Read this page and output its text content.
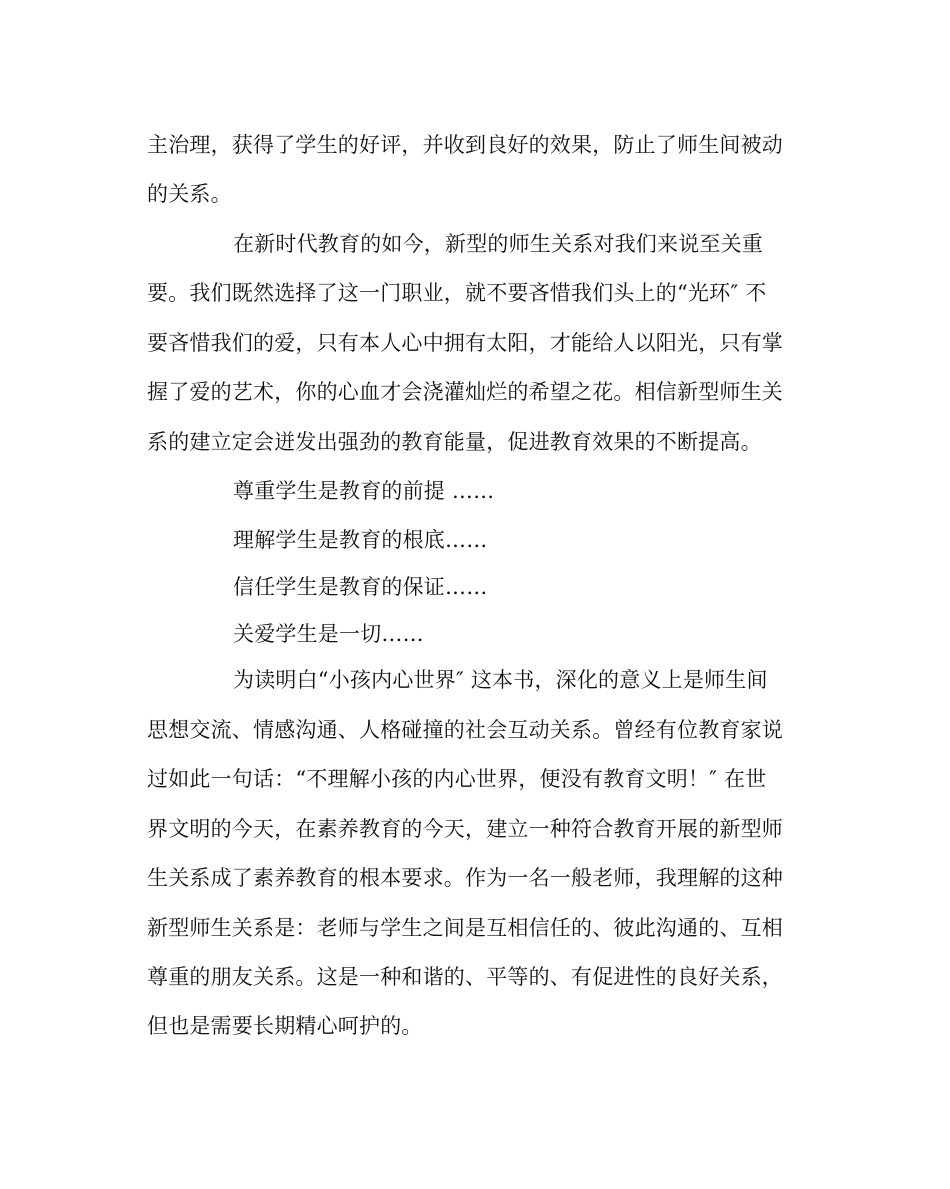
主治理，获得了学生的好评，并收到良好的效果，防止了师生间被动
的关系。
在新时代教育的如今，新型的师生关系对我们来说至关重
要。我们既然选择了这一门职业，就不要吝惜我们头上的“光环″ 不
要吝惜我们的爱，只有本人心中拥有太阳，才能给人以阳光，只有掌
握了爱的艺术，你的心血才会浇灌灿烂的希望之花。相信新型师生关
系的建立定会迸发出强劲的教育能量，促进教育效果的不断提高。
尊重学生是教育的前提 ……
理解学生是教育的根底……
信任学生是教育的保证……
关爱学生是一切……
为读明白“小孩内心世界″ 这本书，深化的意义上是师生间
思想交流、情感沟通、人格碰撞的社会互动关系。曾经有位教育家说
过如此一句话：“不理解小孩的内心世界，便没有教育文明！″ 在世
界文明的今天，在素养教育的今天，建立一种符合教育开展的新型师
生关系成了素养教育的根本要求。作为一名一般老师，我理解的这种
新型师生关系是：老师与学生之间是互相信任的、彼此沟通的、互相
尊重的朋友关系。这是一种和谐的、平等的、有促进性的良好关系，
但也是需要长期精心呵护的。
